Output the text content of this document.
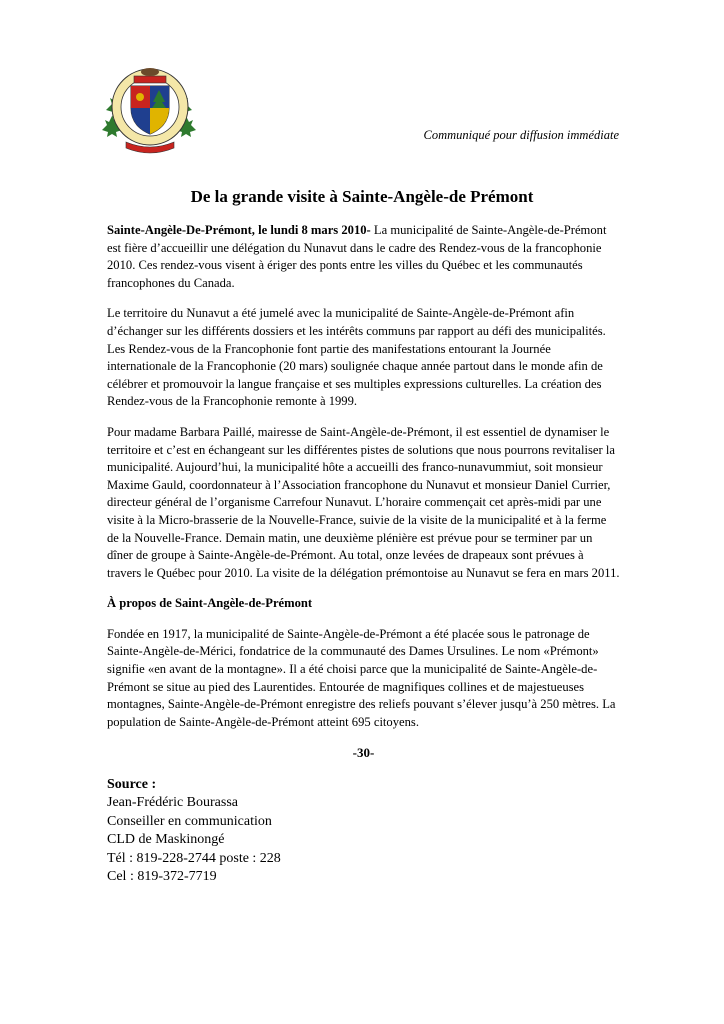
Communiqué pour diffusion immédiate
De la grande visite à Sainte-Angèle-de Prémont

Sainte-Angèle-De-Prémont, le lundi 8 mars 2010- La municipalité de Sainte-Angèle-de-Prémont est fière d’accueillir une délégation du Nunavut dans le cadre des Rendez-vous de la francophonie 2010. Ces rendez-vous visent à ériger des ponts entre les villes du Québec et les communautés francophones du Canada.

Le territoire du Nunavut a été jumelé avec la municipalité de Sainte-Angèle-de-Prémont afin d’échanger sur les différents dossiers et les intérêts communs par rapport au défi des municipalités. Les Rendez-vous de la Francophonie font partie des manifestations entourant la Journée internationale de la Francophonie (20 mars) soulignée chaque année partout dans le monde afin de célébrer et promouvoir la langue française et ses multiples expressions culturelles. La création des Rendez-vous de la Francophonie remonte à 1999.

Pour madame Barbara Paillé, mairesse de Saint-Angèle-de-Prémont, il est essentiel de dynamiser le territoire et c’est en échangeant sur les différentes pistes de solutions que nous pourrons revitaliser la municipalité. Aujourd’hui, la municipalité hôte a accueilli des franco-nunavummiut, soit monsieur Maxime Gauld, coordonnateur à l’Association francophone du Nunavut et monsieur Daniel Currier, directeur général de l’organisme Carrefour Nunavut. L’horaire commençait cet après-midi par une visite à la Micro-brasserie de la Nouvelle-France, suivie de la visite de la municipalité et à la ferme de la Nouvelle-France. Demain matin, une deuxième plénière est prévue pour se terminer par un dîner de groupe à Sainte-Angèle-de-Prémont. Au total, onze levées de drapeaux sont prévues à travers le Québec pour 2010. La visite de la délégation prémontoise au Nunavut se fera en mars 2011.

À propos de Saint-Angèle-de-Prémont

Fondée en 1917, la municipalité de Sainte-Angèle-de-Prémont a été placée sous le patronage de Sainte-Angèle-de-Mérici, fondatrice de la communauté des Dames Ursulines. Le nom «Prémont» signifie «en avant de la montagne». Il a été choisi parce que la municipalité de Sainte-Angèle-de-Prémont se situe au pied des Laurentides. Entourée de magnifiques collines et de majestueuses montagnes, Sainte-Angèle-de-Prémont enregistre des reliefs pouvant s’élever jusqu’à 250 mètres. La population de Sainte-Angèle-de-Prémont atteint 695 citoyens.

-30-
Source :
Jean-Frédéric Bourassa
Conseiller en communication
CLD de Maskinongé
Tél : 819-228-2744 poste : 228
Cel : 819-372-7719
